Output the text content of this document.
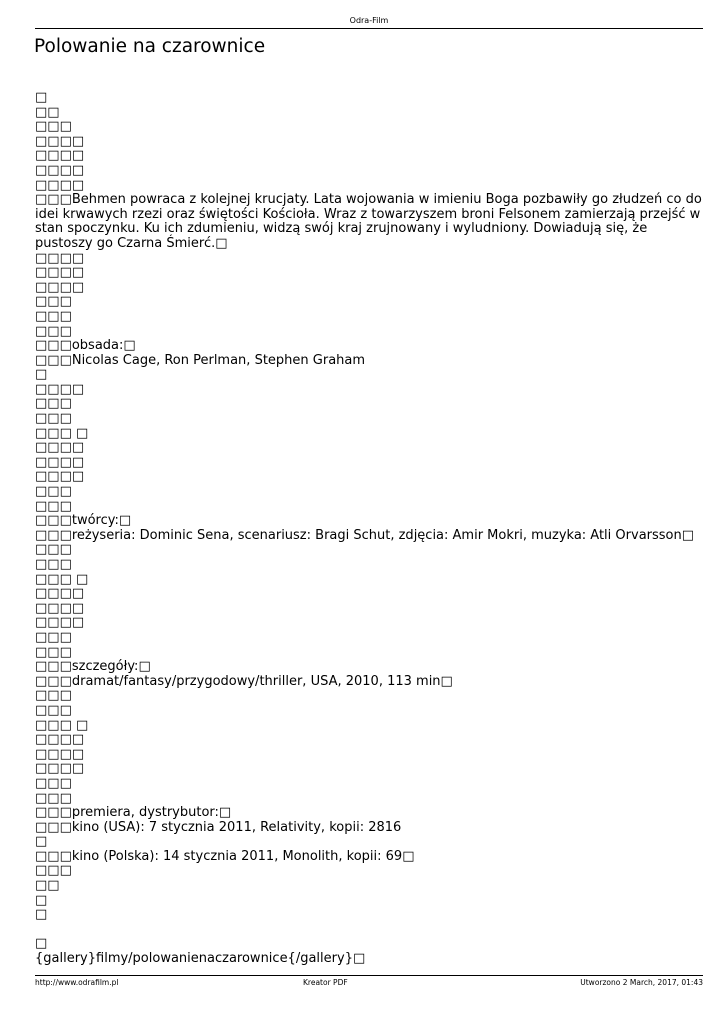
Odra-Film
Polowanie na czarownice
□
□□
□□□
□□□□
□□□□
□□□□
□□□□
□□□Behmen powraca z kolejnej krucjaty. Lata wojowania w imieniu Boga pozbawiły go złudzeń co do idei krwawych rzezi oraz świętości Kościoła. Wraz z towarzyszem broni Felsonem zamierzają przejść w stan spoczynku. Ku ich zdumieniu, widzą swój kraj zrujnowany i wyludniony. Dowiadują się, że pustoszy go Czarna Śmierć.□
□□□□
□□□□
□□□□
□□□
□□□
□□□
□□□obsada:□
□□□Nicolas Cage, Ron Perlman, Stephen Graham
□
□□□□
□□□
□□□
□□□ □
□□□□
□□□□
□□□□
□□□
□□□
□□□twórcy:□
□□□reżyseria: Dominic Sena, scenariusz: Bragi Schut, zdjęcia: Amir Mokri, muzyka: Atli Orvarsson□
□□□
□□□
□□□ □
□□□□
□□□□
□□□□
□□□
□□□
□□□szczegóły:□
□□□dramat/fantasy/przygodowy/thriller, USA, 2010, 113 min□
□□□
□□□
□□□ □
□□□□
□□□□
□□□□
□□□
□□□
□□□premiera, dystrybutor:□
□□□kino (USA): 7 stycznia 2011, Relativity, kopii: 2816
□
□□□kino (Polska): 14 stycznia 2011, Monolith, kopii: 69□
□□□
□□
□
□
□
{gallery}filmy/polowanienaczarownice{/gallery}□
http://www.odrafilm.pl	Kreator PDF	Utworzono 2 March, 2017, 01:43
